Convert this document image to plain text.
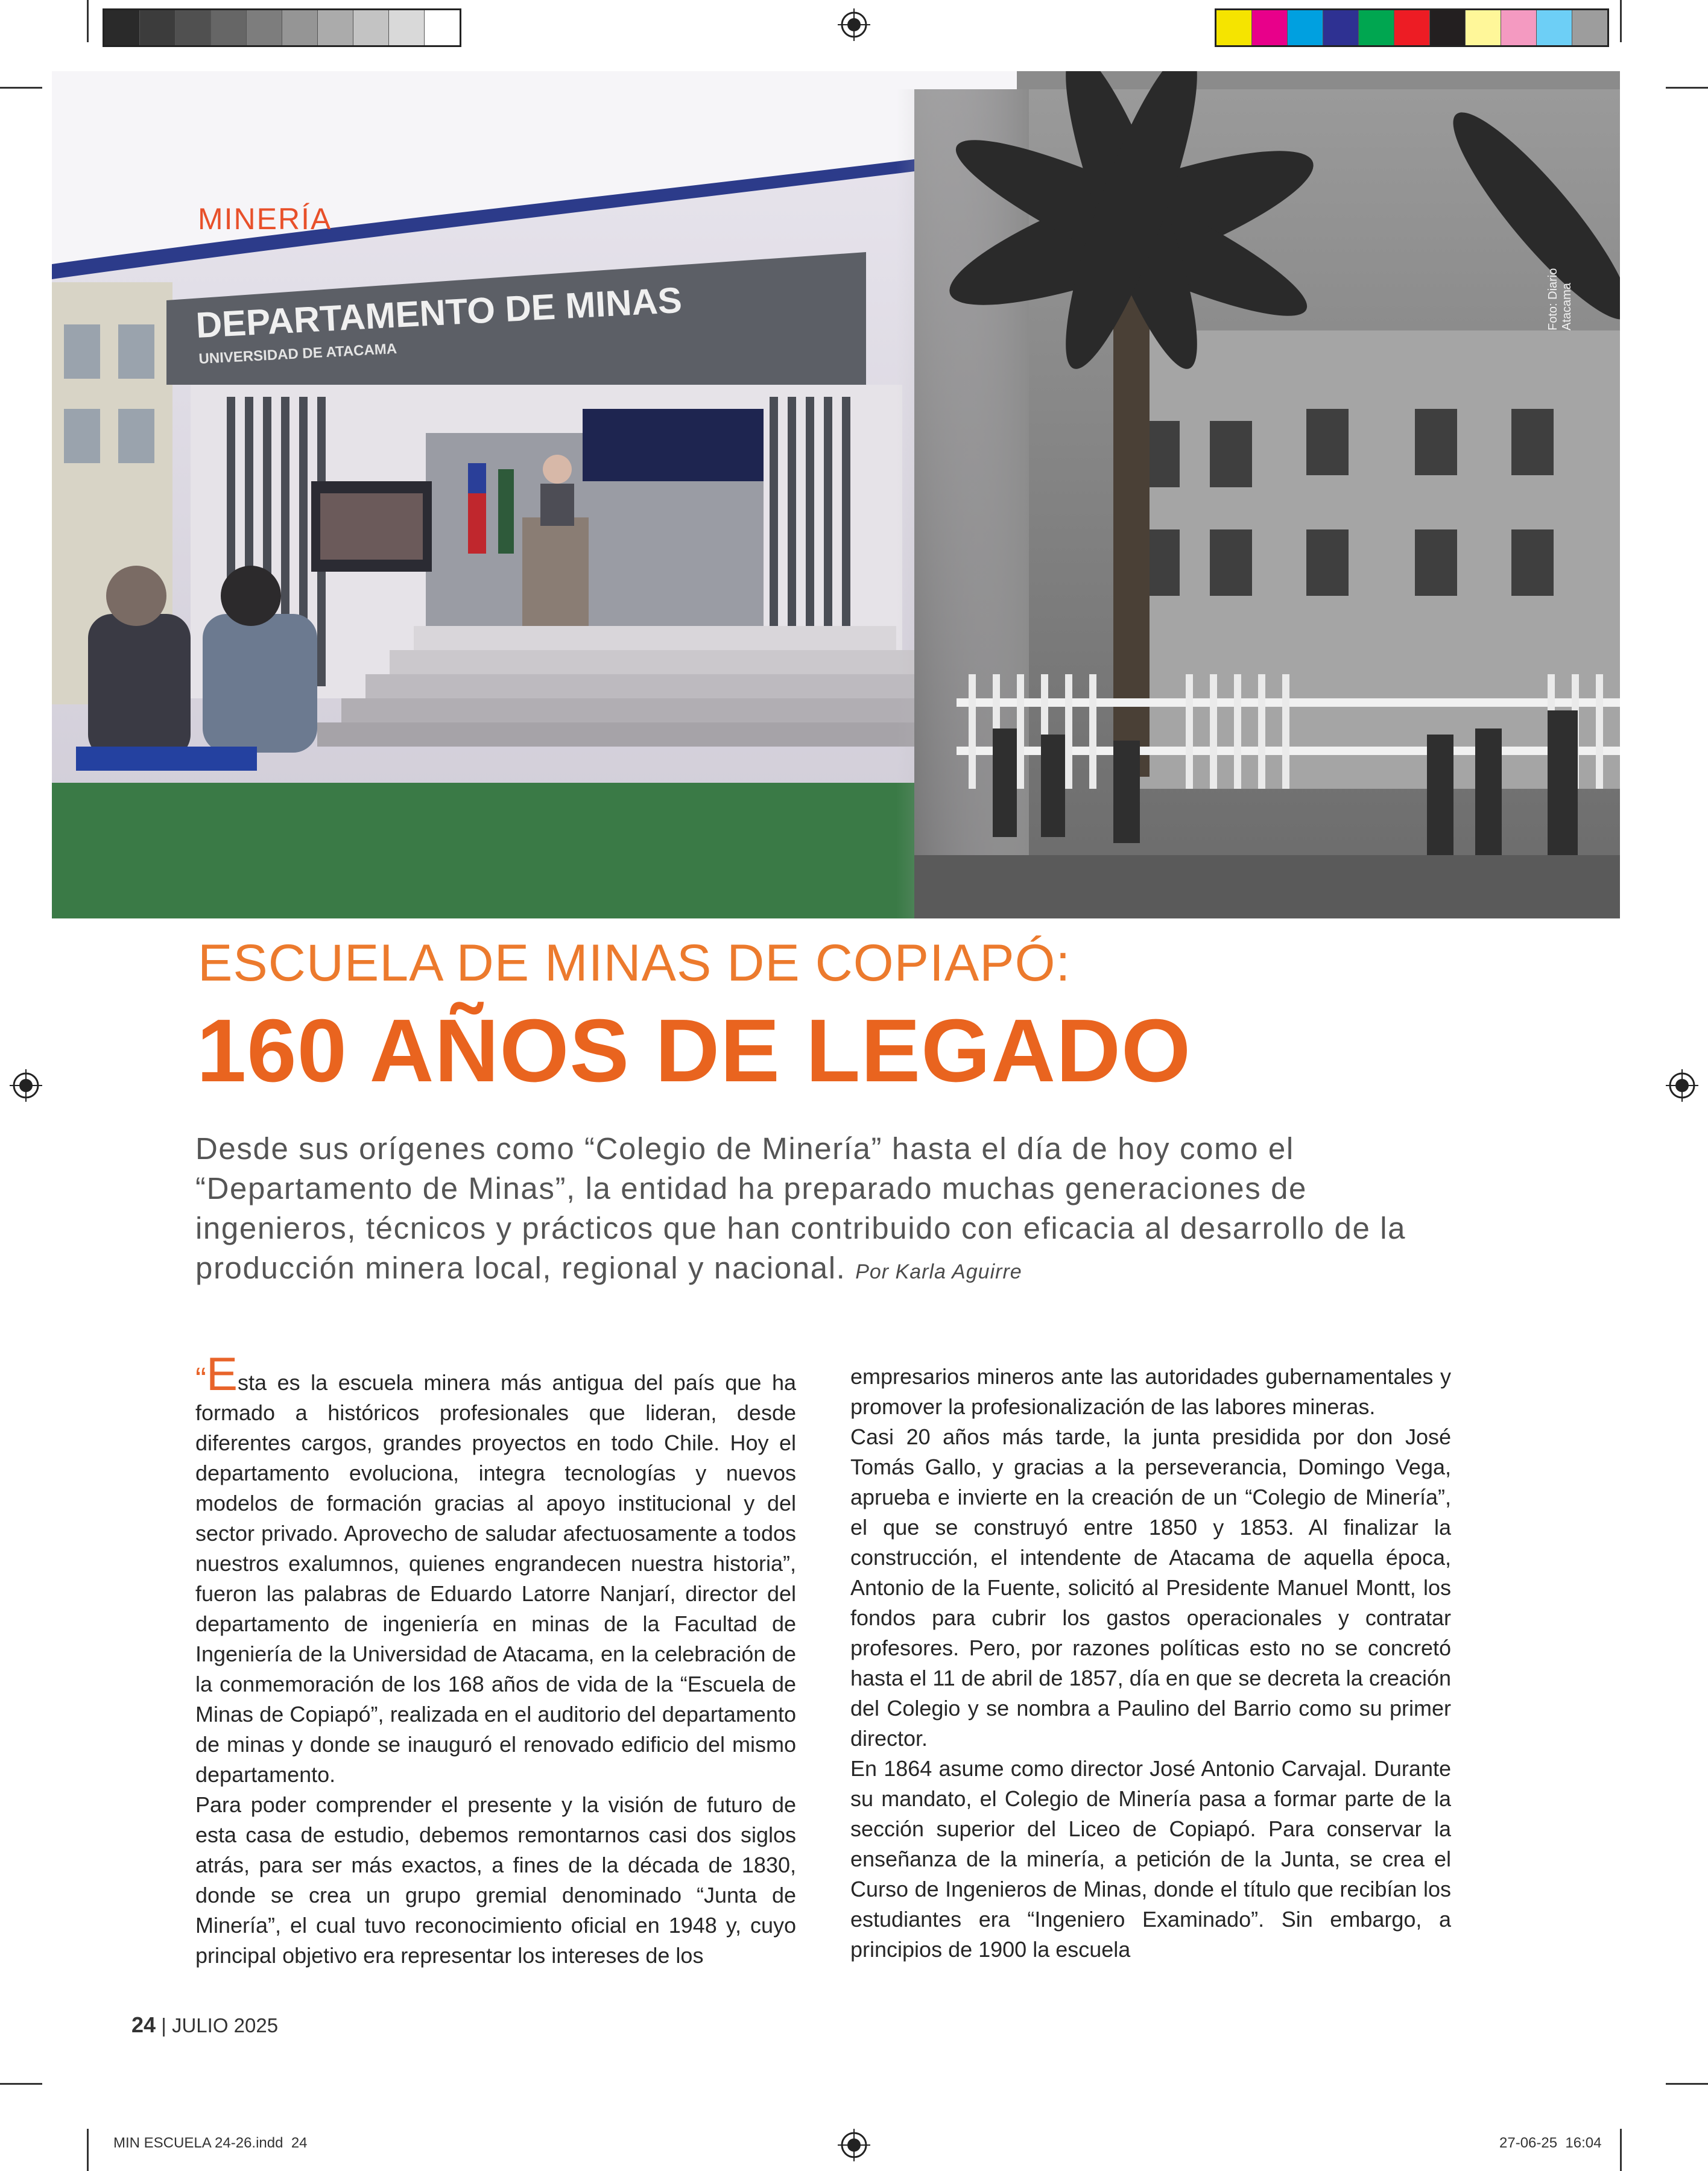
DEPARTAMENTO DE MINAS
UNIVERSIDAD DE ATACAMA
Foto: Diario Atacama
MINERÍA
ESCUELA DE MINAS DE COPIAPÓ:
160 AÑOS DE LEGADO
Desde sus orígenes como “Colegio de Minería” hasta el día de hoy como el “Departamento de Minas”, la entidad ha preparado muchas generaciones de ingenieros, técnicos y prácticos que han contribuido con eficacia al desarrollo de la producción minera local, regional y nacional. Por Karla Aguirre

“Esta es la escuela minera más antigua del país que ha formado a históricos profesionales que lideran, desde diferentes cargos, grandes proyectos en todo Chile. Hoy el departamento evoluciona, integra tecnologías y nuevos modelos de formación gracias al apoyo institucional y del sector privado. Aprovecho de saludar afectuosamente a todos nuestros exalumnos, quienes engrandecen nuestra historia”, fueron las palabras de Eduardo Latorre Nanjarí, director del departamento de ingeniería en minas de la Facultad de Ingeniería de la Universidad de Atacama, en la celebración de la conmemoración de los 168 años de vida de la “Escuela de Minas de Copiapó”, realizada en el auditorio del departamento de minas y donde se inauguró el renovado edificio del mismo departamento.

Para poder comprender el presente y la visión de futuro de esta casa de estudio, debemos remontarnos casi dos siglos atrás, para ser más exactos, a fines de la década de 1830, donde se crea un grupo gremial denominado “Junta de Minería”, el cual tuvo reconocimiento oficial en 1948 y, cuyo principal objetivo era representar los intereses de los

empresarios mineros ante las autoridades gubernamentales y promover la profesionalización de las labores mineras.

Casi 20 años más tarde, la junta presidida por don José Tomás Gallo, y gracias a la perseverancia, Domingo Vega, aprueba e invierte en la creación de un “Colegio de Minería”, el que se construyó entre 1850 y 1853. Al finalizar la construcción, el intendente de Atacama de aquella época, Antonio de la Fuente, solicitó al Presidente Manuel Montt, los fondos para cubrir los gastos operacionales y contratar profesores. Pero, por razones políticas esto no se concretó hasta el 11 de abril de 1857, día en que se decreta la creación del Colegio y se nombra a Paulino del Barrio como su primer director.

En 1864 asume como director José Antonio Carvajal. Durante su mandato, el Colegio de Minería pasa a formar parte de la sección superior del Liceo de Copiapó. Para conservar la enseñanza de la minería, a petición de la Junta, se crea el Curso de Ingenieros de Minas, donde el título que recibían los estudiantes era “Ingeniero Examinado”. Sin embargo, a principios de 1900 la escuela

24 | JULIO 2025
MIN ESCUELA 24-26.indd 24	27-06-25 16:04
